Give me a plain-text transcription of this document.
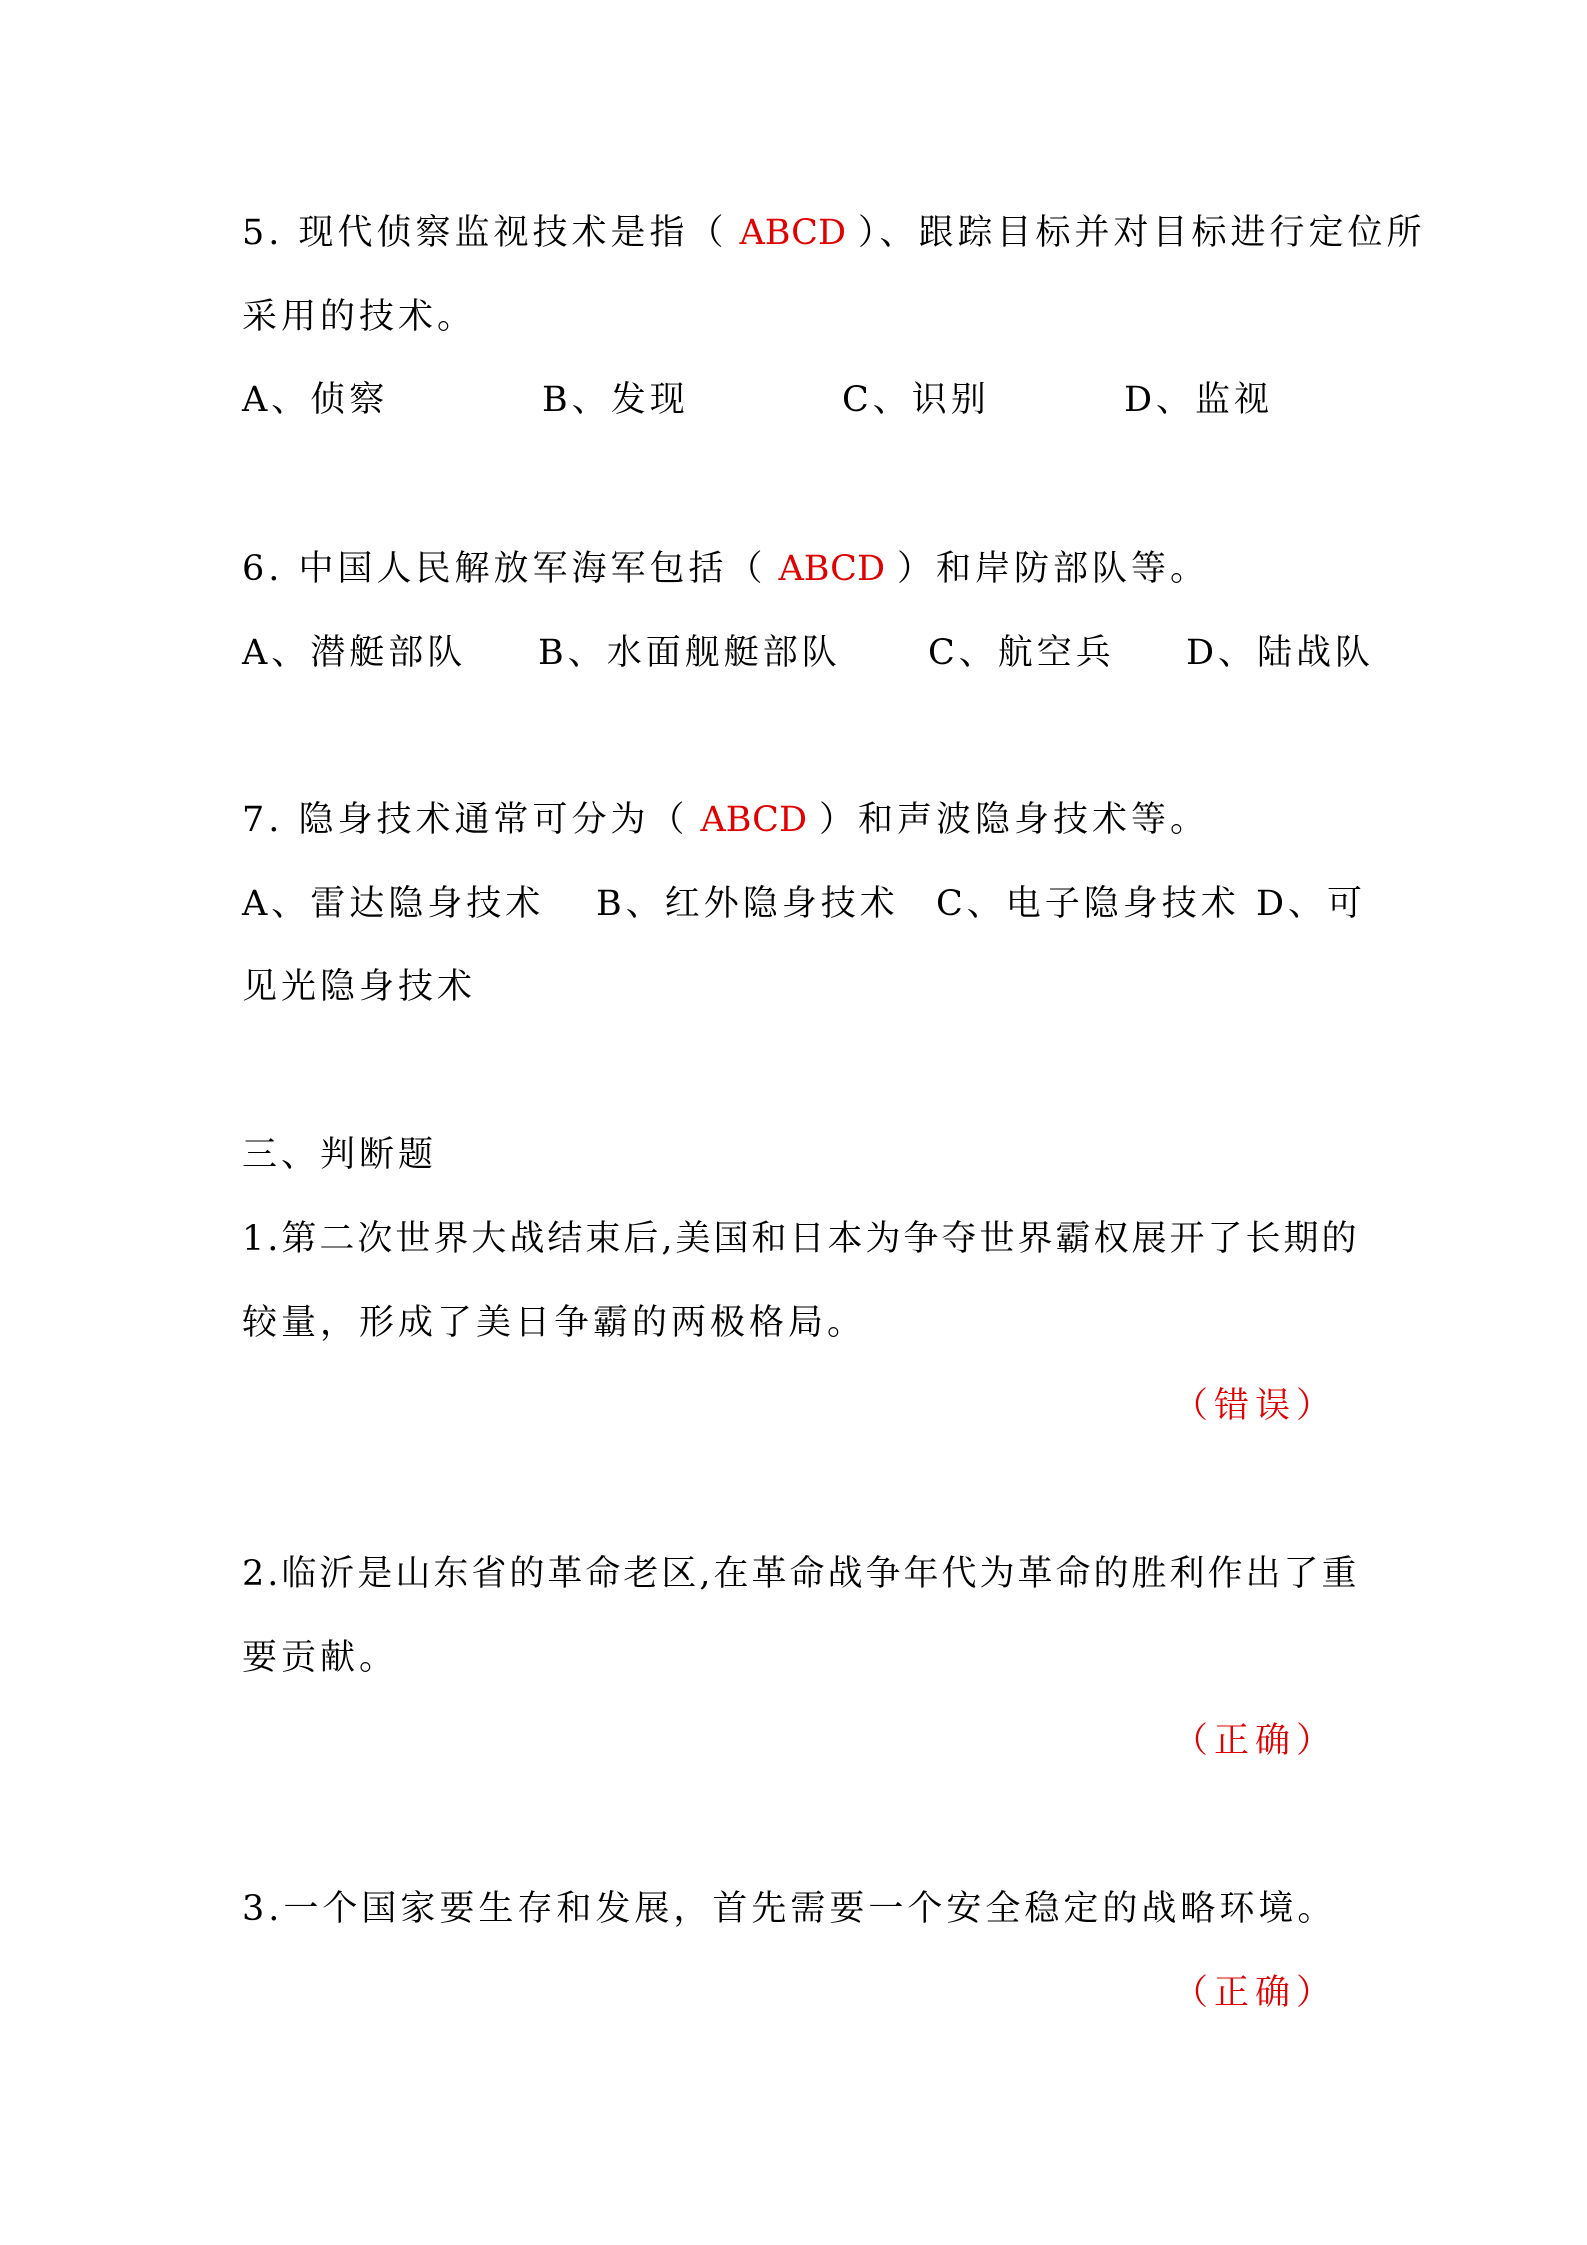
5. 现代侦察监视技术是指（ ABCD ）、跟踪目标并对目标进行定位所
采用的技术。
A、侦察	B、发现	C、识别	D、监视
6. 中国人民解放军海军包括（ ABCD ）和岸防部队等。
A、潜艇部队 B、水面舰艇部队 C、航空兵 D、陆战队
7. 隐身技术通常可分为（ ABCD ）和声波隐身技术等。
A、雷达隐身技术 B、红外隐身技术 C、电子隐身技术 D、可
见光隐身技术
三、判断题
1.第二次世界大战结束后,美国和日本为争夺世界霸权展开了长期的
较量，形成了美日争霸的两极格局。
（错误）
2.临沂是山东省的革命老区,在革命战争年代为革命的胜利作出了重
要贡献。
（正确）
3.一个国家要生存和发展，首先需要一个安全稳定的战略环境。
（正确）
